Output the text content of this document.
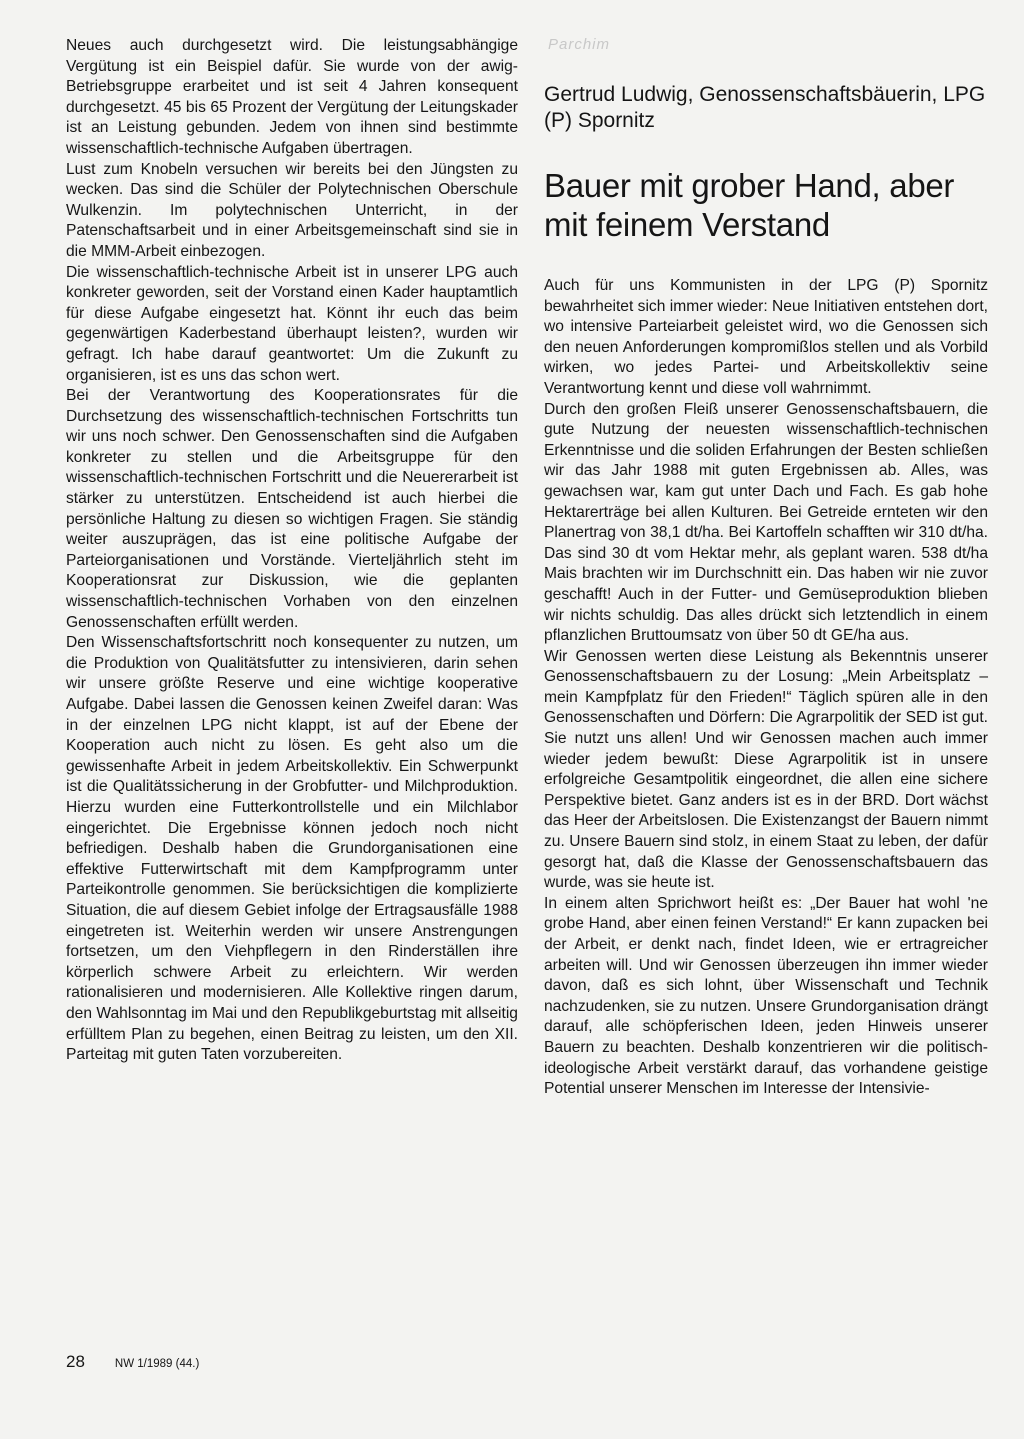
Neues auch durchgesetzt wird. Die leistungsabhängige Vergütung ist ein Beispiel dafür. Sie wurde von der awig-Betriebsgruppe erarbeitet und ist seit 4 Jahren konsequent durchgesetzt. 45 bis 65 Prozent der Vergütung der Leitungskader ist an Leistung gebunden. Jedem von ihnen sind bestimmte wissenschaftlich-technische Aufgaben übertragen.

Lust zum Knobeln versuchen wir bereits bei den Jüngsten zu wecken. Das sind die Schüler der Polytechnischen Oberschule Wulkenzin. Im polytechnischen Unterricht, in der Patenschaftsarbeit und in einer Arbeitsgemeinschaft sind sie in die MMM-Arbeit einbezogen.

Die wissenschaftlich-technische Arbeit ist in unserer LPG auch konkreter geworden, seit der Vorstand einen Kader hauptamtlich für diese Aufgabe eingesetzt hat. Könnt ihr euch das beim gegenwärtigen Kaderbestand überhaupt leisten?, wurden wir gefragt. Ich habe darauf geantwortet: Um die Zukunft zu organisieren, ist es uns das schon wert.

Bei der Verantwortung des Kooperationsrates für die Durchsetzung des wissenschaftlich-technischen Fortschritts tun wir uns noch schwer. Den Genossenschaften sind die Aufgaben konkreter zu stellen und die Arbeitsgruppe für den wissenschaftlich-technischen Fortschritt und die Neuererarbeit ist stärker zu unterstützen. Entscheidend ist auch hierbei die persönliche Haltung zu diesen so wichtigen Fragen. Sie ständig weiter auszuprägen, das ist eine politische Aufgabe der Parteiorganisationen und Vorstände. Vierteljährlich steht im Kooperationsrat zur Diskussion, wie die geplanten wissenschaftlich-technischen Vorhaben von den einzelnen Genossenschaften erfüllt werden.

Den Wissenschaftsfortschritt noch konsequenter zu nutzen, um die Produktion von Qualitätsfutter zu intensivieren, darin sehen wir unsere größte Reserve und eine wichtige kooperative Aufgabe. Dabei lassen die Genossen keinen Zweifel daran: Was in der einzelnen LPG nicht klappt, ist auf der Ebene der Kooperation auch nicht zu lösen. Es geht also um die gewissenhafte Arbeit in jedem Arbeitskollektiv. Ein Schwerpunkt ist die Qualitätssicherung in der Grobfutter- und Milchproduktion. Hierzu wurden eine Futterkontrollstelle und ein Milchlabor eingerichtet. Die Ergebnisse können jedoch noch nicht befriedigen. Deshalb haben die Grundorganisationen eine effektive Futterwirtschaft mit dem Kampfprogramm unter Parteikontrolle genommen. Sie berücksichtigen die komplizierte Situation, die auf diesem Gebiet infolge der Ertragsausfälle 1988 eingetreten ist. Weiterhin werden wir unsere Anstrengungen fortsetzen, um den Viehpflegern in den Rinderställen ihre körperlich schwere Arbeit zu erleichtern. Wir werden rationalisieren und modernisieren. Alle Kollektive ringen darum, den Wahlsonntag im Mai und den Republikgeburtstag mit allseitig erfülltem Plan zu begehen, einen Beitrag zu leisten, um den XII. Parteitag mit guten Taten vorzubereiten.

Parchim
Gertrud Ludwig, Genossenschaftsbäuerin, LPG (P) Spornitz
Bauer mit grober Hand, aber mit feinem Verstand

Auch für uns Kommunisten in der LPG (P) Spornitz bewahrheitet sich immer wieder: Neue Initiativen entstehen dort, wo intensive Parteiarbeit geleistet wird, wo die Genossen sich den neuen Anforderungen kompromißlos stellen und als Vorbild wirken, wo jedes Partei- und Arbeitskollektiv seine Verantwortung kennt und diese voll wahrnimmt.

Durch den großen Fleiß unserer Genossenschaftsbauern, die gute Nutzung der neuesten wissenschaftlich-technischen Erkenntnisse und die soliden Erfahrungen der Besten schließen wir das Jahr 1988 mit guten Ergebnissen ab. Alles, was gewachsen war, kam gut unter Dach und Fach. Es gab hohe Hektarerträge bei allen Kulturen. Bei Getreide ernteten wir den Planertrag von 38,1 dt/ha. Bei Kartoffeln schafften wir 310 dt/ha. Das sind 30 dt vom Hektar mehr, als geplant waren. 538 dt/ha Mais brachten wir im Durchschnitt ein. Das haben wir nie zuvor geschafft! Auch in der Futter- und Gemüseproduktion blieben wir nichts schuldig. Das alles drückt sich letztendlich in einem pflanzlichen Bruttoumsatz von über 50 dt GE/ha aus.

Wir Genossen werten diese Leistung als Bekenntnis unserer Genossenschaftsbauern zu der Losung: „Mein Arbeitsplatz – mein Kampfplatz für den Frieden!“ Täglich spüren alle in den Genossenschaften und Dörfern: Die Agrarpolitik der SED ist gut. Sie nutzt uns allen! Und wir Genossen machen auch immer wieder jedem bewußt: Diese Agrarpolitik ist in unsere erfolgreiche Gesamtpolitik eingeordnet, die allen eine sichere Perspektive bietet. Ganz anders ist es in der BRD. Dort wächst das Heer der Arbeitslosen. Die Existenzangst der Bauern nimmt zu. Unsere Bauern sind stolz, in einem Staat zu leben, der dafür gesorgt hat, daß die Klasse der Genossenschaftsbauern das wurde, was sie heute ist.

In einem alten Sprichwort heißt es: „Der Bauer hat wohl 'ne grobe Hand, aber einen feinen Verstand!“ Er kann zupacken bei der Arbeit, er denkt nach, findet Ideen, wie er ertragreicher arbeiten will. Und wir Genossen überzeugen ihn immer wieder davon, daß es sich lohnt, über Wissenschaft und Technik nachzudenken, sie zu nutzen. Unsere Grundorganisation drängt darauf, alle schöpferischen Ideen, jeden Hinweis unserer Bauern zu beachten. Deshalb konzentrieren wir die politisch-ideologische Arbeit verstärkt darauf, das vorhandene geistige Potential unserer Menschen im Interesse der Intensivie-

28	NW 1/1989 (44.)
